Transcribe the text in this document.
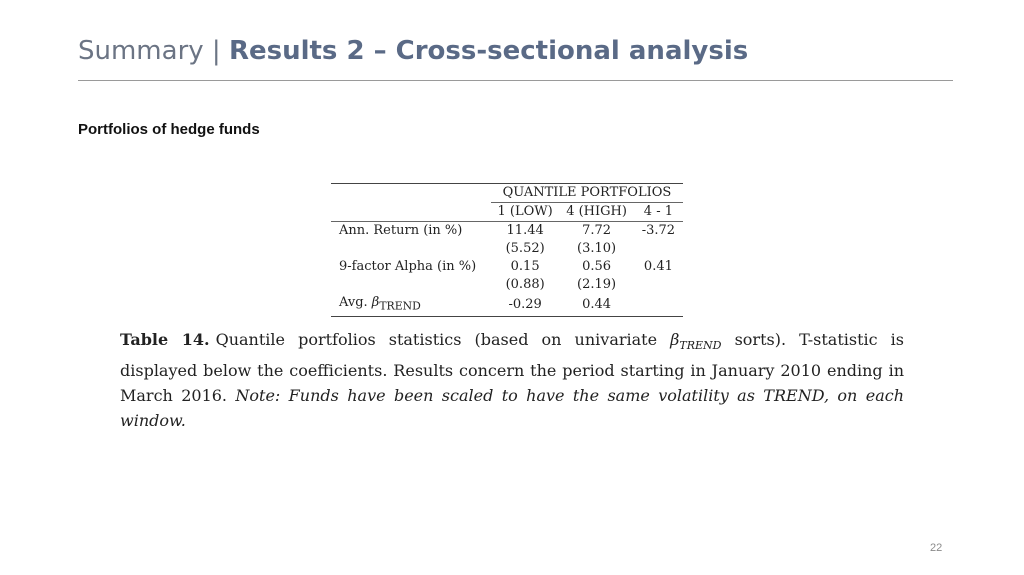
Summary | Results 2 – Cross-sectional analysis
Portfolios of hedge funds
	QUANTILE PORTFOLIOS		
	1 (LOW)	4 (HIGH)	4 - 1
Ann. Return (in %)	11.44	7.72	-3.72
	(5.52)	(3.10)	
9-factor Alpha (in %)	0.15	0.56	0.41
	(0.88)	(2.19)	
Avg. $\beta_{TREND}$	-0.29	0.44	
Table 14. Quantile portfolios statistics (based on univariate $\beta_{TREND}$ sorts). T-statistic is displayed below the coefficients. Results concern the period starting in January 2010 ending in March 2016. Note: Funds have been scaled to have the same volatility as TREND, on each window.
22
